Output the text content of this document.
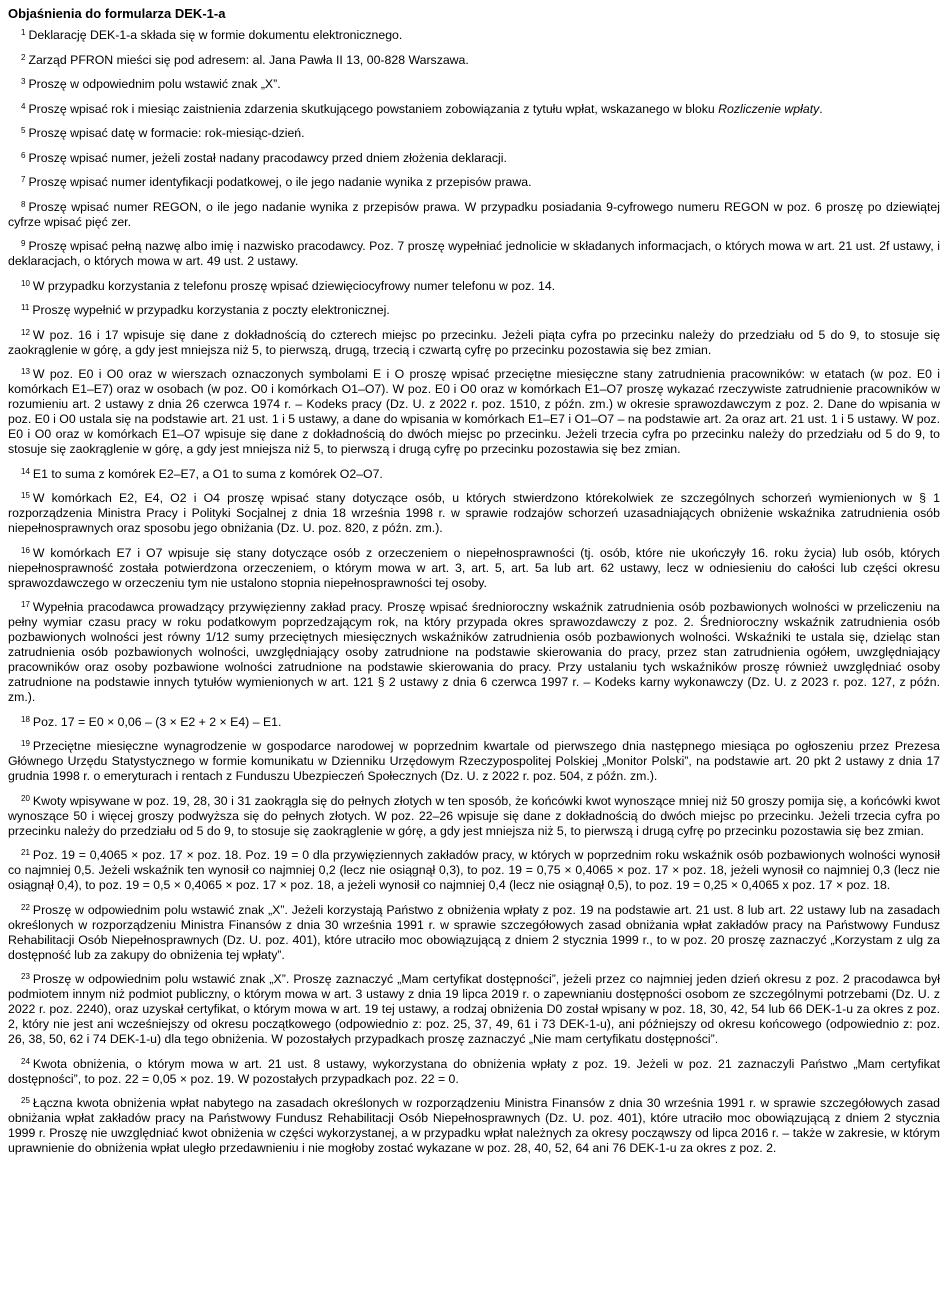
Objaśnienia do formularza DEK-1-a

$^1$ Deklarację DEK-1-a składa się w formie dokumentu elektronicznego.

$^2$ Zarząd PFRON mieści się pod adresem: al. Jana Pawła II 13, 00-828 Warszawa.

$^3$ Proszę w odpowiednim polu wstawić znak „X”.

$^4$ Proszę wpisać rok i miesiąc zaistnienia zdarzenia skutkującego powstaniem zobowiązania z tytułu wpłat, wskazanego w bloku Rozliczenie wpłaty.

$^5$ Proszę wpisać datę w formacie: rok-miesiąc-dzień.

$^6$ Proszę wpisać numer, jeżeli został nadany pracodawcy przed dniem złożenia deklaracji.

$^7$ Proszę wpisać numer identyfikacji podatkowej, o ile jego nadanie wynika z przepisów prawa.

$^8$ Proszę wpisać numer REGON, o ile jego nadanie wynika z przepisów prawa. W przypadku posiadania 9-cyfrowego numeru REGON w poz. 6 proszę po dziewiątej cyfrze wpisać pięć zer.

$^9$ Proszę wpisać pełną nazwę albo imię i nazwisko pracodawcy. Poz. 7 proszę wypełniać jednolicie w składanych informacjach, o których mowa w art. 21 ust. 2f ustawy, i deklaracjach, o których mowa w art. 49 ust. 2 ustawy.

$^{10}$ W przypadku korzystania z telefonu proszę wpisać dziewięciocyfrowy numer telefonu w poz. 14.

$^{11}$ Proszę wypełnić w przypadku korzystania z poczty elektronicznej.

$^{12}$ W poz. 16 i 17 wpisuje się dane z dokładnością do czterech miejsc po przecinku. Jeżeli piąta cyfra po przecinku należy do przedziału od 5 do 9, to stosuje się zaokrąglenie w górę, a gdy jest mniejsza niż 5, to pierwszą, drugą, trzecią i czwartą cyfrę po przecinku pozostawia się bez zmian.

$^{13}$ W poz. E0 i O0 oraz w wierszach oznaczonych symbolami E i O proszę wpisać przeciętne miesięczne stany zatrudnienia pracowników: w etatach (w poz. E0 i komórkach E1–E7) oraz w osobach (w poz. O0 i komórkach O1–O7). W poz. E0 i O0 oraz w komórkach E1–O7 proszę wykazać rzeczywiste zatrudnienie pracowników w rozumieniu art. 2 ustawy z dnia 26 czerwca 1974 r. – Kodeks pracy (Dz. U. z 2022 r. poz. 1510, z późn. zm.) w okresie sprawozdawczym z poz. 2. Dane do wpisania w poz. E0 i O0 ustala się na podstawie art. 21 ust. 1 i 5 ustawy, a dane do wpisania w komórkach E1–E7 i O1–O7 – na podstawie art. 2a oraz art. 21 ust. 1 i 5 ustawy. W poz. E0 i O0 oraz w komórkach E1–O7 wpisuje się dane z dokładnością do dwóch miejsc po przecinku. Jeżeli trzecia cyfra po przecinku należy do przedziału od 5 do 9, to stosuje się zaokrąglenie w górę, a gdy jest mniejsza niż 5, to pierwszą i drugą cyfrę po przecinku pozostawia się bez zmian.

$^{14}$ E1 to suma z komórek E2–E7, a O1 to suma z komórek O2–O7.

$^{15}$ W komórkach E2, E4, O2 i O4 proszę wpisać stany dotyczące osób, u których stwierdzono którekolwiek ze szczególnych schorzeń wymienionych w § 1 rozporządzenia Ministra Pracy i Polityki Socjalnej z dnia 18 września 1998 r. w sprawie rodzajów schorzeń uzasadniających obniżenie wskaźnika zatrudnienia osób niepełnosprawnych oraz sposobu jego obniżania (Dz. U. poz. 820, z późn. zm.).

$^{16}$ W komórkach E7 i O7 wpisuje się stany dotyczące osób z orzeczeniem o niepełnosprawności (tj. osób, które nie ukończyły 16. roku życia) lub osób, których niepełnosprawność została potwierdzona orzeczeniem, o którym mowa w art. 3, art. 5, art. 5a lub art. 62 ustawy, lecz w odniesieniu do całości lub części okresu sprawozdawczego w orzeczeniu tym nie ustalono stopnia niepełnosprawności tej osoby.

$^{17}$ Wypełnia pracodawca prowadzący przywięzienny zakład pracy. Proszę wpisać średnioroczny wskaźnik zatrudnienia osób pozbawionych wolności w przeliczeniu na pełny wymiar czasu pracy w roku podatkowym poprzedzającym rok, na który przypada okres sprawozdawczy z poz. 2. Średnioroczny wskaźnik zatrudnienia osób pozbawionych wolności jest równy 1/12 sumy przeciętnych miesięcznych wskaźników zatrudnienia osób pozbawionych wolności. Wskaźniki te ustala się, dzieląc stan zatrudnienia osób pozbawionych wolności, uwzględniający osoby zatrudnione na podstawie skierowania do pracy, przez stan zatrudnienia ogółem, uwzględniający pracowników oraz osoby pozbawione wolności zatrudnione na podstawie skierowania do pracy. Przy ustalaniu tych wskaźników proszę również uwzględniać osoby zatrudnione na podstawie innych tytułów wymienionych w art. 121 § 2 ustawy z dnia 6 czerwca 1997 r. – Kodeks karny wykonawczy (Dz. U. z 2023 r. poz. 127, z późn. zm.).

$^{18}$ Poz. 17 = E0 × 0,06 – (3 × E2 + 2 × E4) – E1.

$^{19}$ Przeciętne miesięczne wynagrodzenie w gospodarce narodowej w poprzednim kwartale od pierwszego dnia następnego miesiąca po ogłoszeniu przez Prezesa Głównego Urzędu Statystycznego w formie komunikatu w Dzienniku Urzędowym Rzeczypospolitej Polskiej „Monitor Polski”, na podstawie art. 20 pkt 2 ustawy z dnia 17 grudnia 1998 r. o emeryturach i rentach z Funduszu Ubezpieczeń Społecznych (Dz. U. z 2022 r. poz. 504, z późn. zm.).

$^{20}$ Kwoty wpisywane w poz. 19, 28, 30 i 31 zaokrągla się do pełnych złotych w ten sposób, że końcówki kwot wynoszące mniej niż 50 groszy pomija się, a końcówki kwot wynoszące 50 i więcej groszy podwyższa się do pełnych złotych. W poz. 22–26 wpisuje się dane z dokładnością do dwóch miejsc po przecinku. Jeżeli trzecia cyfra po przecinku należy do przedziału od 5 do 9, to stosuje się zaokrąglenie w górę, a gdy jest mniejsza niż 5, to pierwszą i drugą cyfrę po przecinku pozostawia się bez zmian.

$^{21}$ Poz. 19 = 0,4065 × poz. 17 × poz. 18. Poz. 19 = 0 dla przywięziennych zakładów pracy, w których w poprzednim roku wskaźnik osób pozbawionych wolności wynosił co najmniej 0,5. Jeżeli wskaźnik ten wynosił co najmniej 0,2 (lecz nie osiągnął 0,3), to poz. 19 = 0,75 × 0,4065 × poz. 17 × poz. 18, jeżeli wynosił co najmniej 0,3 (lecz nie osiągnął 0,4), to poz. 19 = 0,5 × 0,4065 × poz. 17 × poz. 18, a jeżeli wynosił co najmniej 0,4 (lecz nie osiągnął 0,5), to poz. 19 = 0,25 × 0,4065 x poz. 17 × poz. 18.

$^{22}$ Proszę w odpowiednim polu wstawić znak „X”. Jeżeli korzystają Państwo z obniżenia wpłaty z poz. 19 na podstawie art. 21 ust. 8 lub art. 22 ustawy lub na zasadach określonych w rozporządzeniu Ministra Finansów z dnia 30 września 1991 r. w sprawie szczegółowych zasad obniżania wpłat zakładów pracy na Państwowy Fundusz Rehabilitacji Osób Niepełnosprawnych (Dz. U. poz. 401), które utraciło moc obowiązującą z dniem 2 stycznia 1999 r., to w poz. 20 proszę zaznaczyć „Korzystam z ulg za dostępność lub za zakupy do obniżenia tej wpłaty”.

$^{23}$ Proszę w odpowiednim polu wstawić znak „X”. Proszę zaznaczyć „Mam certyfikat dostępności”, jeżeli przez co najmniej jeden dzień okresu z poz. 2 pracodawca był podmiotem innym niż podmiot publiczny, o którym mowa w art. 3 ustawy z dnia 19 lipca 2019 r. o zapewnianiu dostępności osobom ze szczególnymi potrzebami (Dz. U. z 2022 r. poz. 2240), oraz uzyskał certyfikat, o którym mowa w art. 19 tej ustawy, a rodzaj obniżenia D0 został wpisany w poz. 18, 30, 42, 54 lub 66 DEK-1-u za okres z poz. 2, który nie jest ani wcześniejszy od okresu początkowego (odpowiednio z: poz. 25, 37, 49, 61 i 73 DEK-1-u), ani późniejszy od okresu końcowego (odpowiednio z: poz. 26, 38, 50, 62 i 74 DEK-1-u) dla tego obniżenia. W pozostałych przypadkach proszę zaznaczyć „Nie mam certyfikatu dostępności”.

$^{24}$ Kwota obniżenia, o którym mowa w art. 21 ust. 8 ustawy, wykorzystana do obniżenia wpłaty z poz. 19. Jeżeli w poz. 21 zaznaczyli Państwo „Mam certyfikat dostępności”, to poz. 22 = 0,05 × poz. 19. W pozostałych przypadkach poz. 22 = 0.

$^{25}$ Łączna kwota obniżenia wpłat nabytego na zasadach określonych w rozporządzeniu Ministra Finansów z dnia 30 września 1991 r. w sprawie szczegółowych zasad obniżania wpłat zakładów pracy na Państwowy Fundusz Rehabilitacji Osób Niepełnosprawnych (Dz. U. poz. 401), które utraciło moc obowiązującą z dniem 2 stycznia 1999 r. Proszę nie uwzględniać kwot obniżenia w części wykorzystanej, a w przypadku wpłat należnych za okresy począwszy od lipca 2016 r. – także w zakresie, w którym uprawnienie do obniżenia wpłat uległo przedawnieniu i nie mogłoby zostać wykazane w poz. 28, 40, 52, 64 ani 76 DEK-1-u za okres z poz. 2.
